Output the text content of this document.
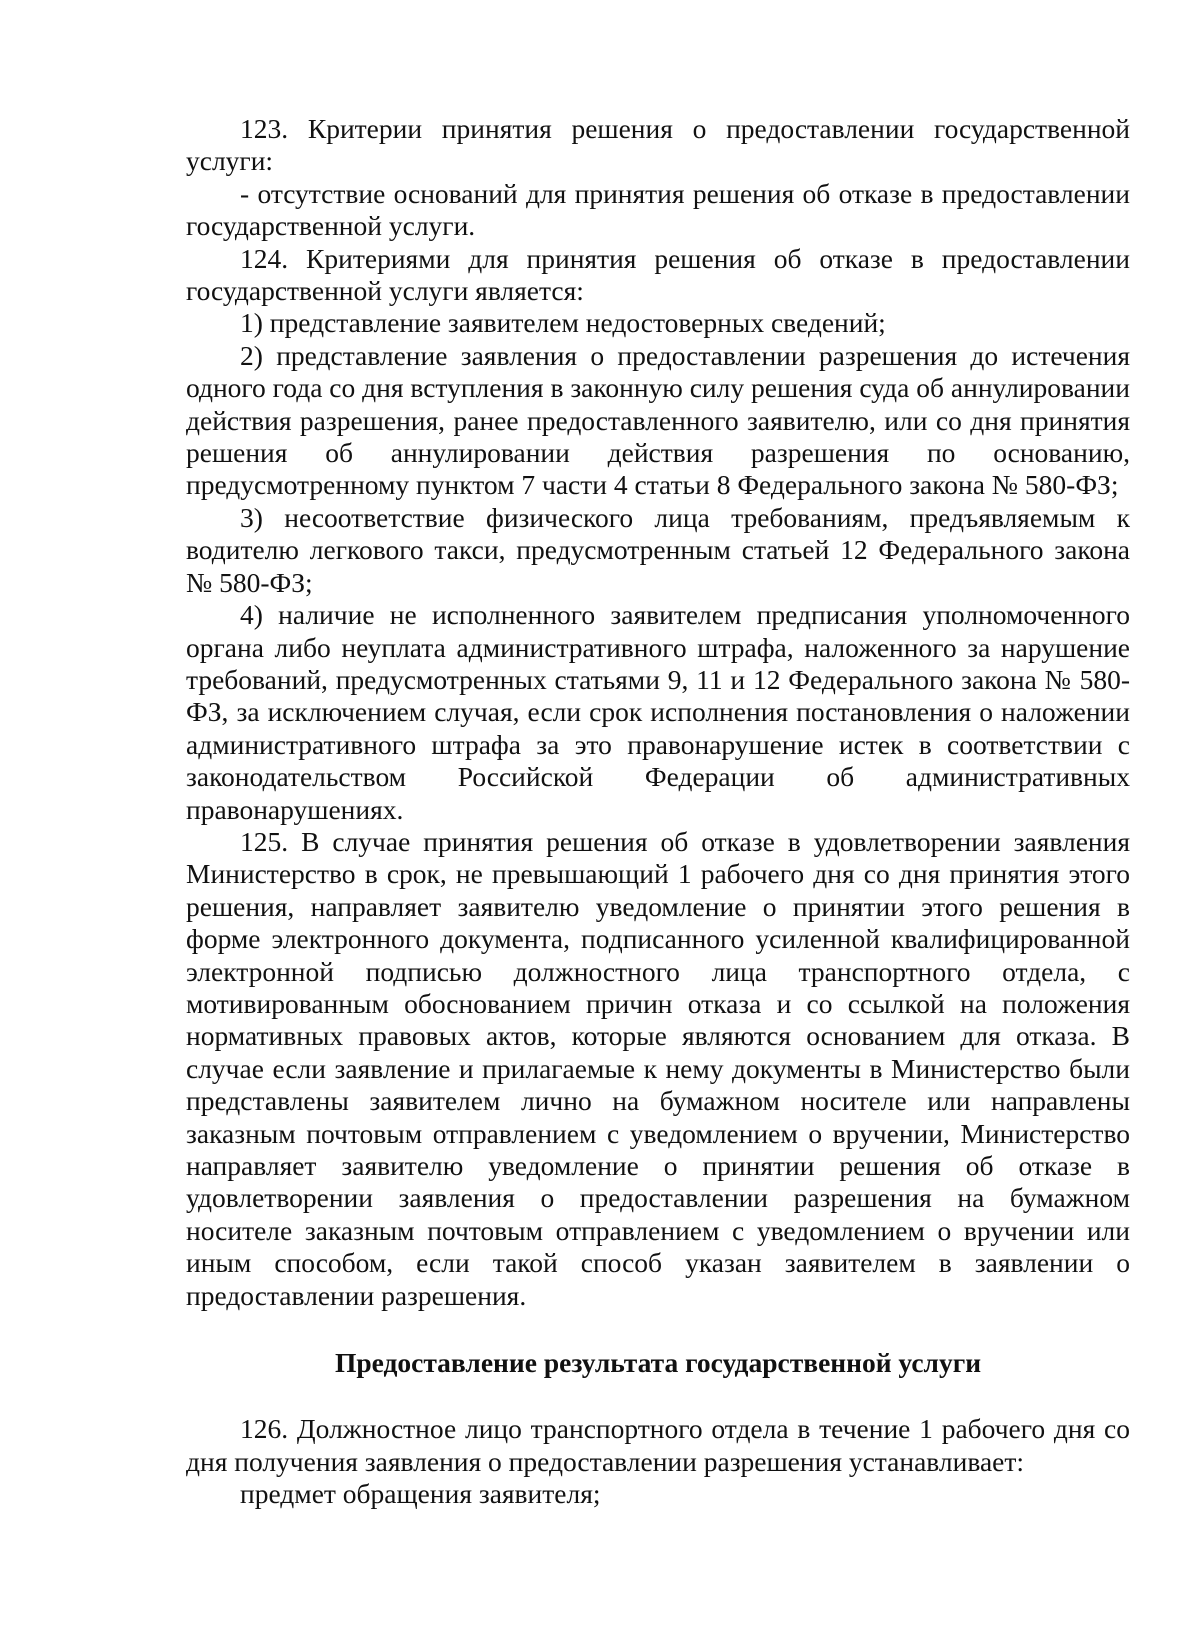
123. Критерии принятия решения о предоставлении государственной услуги:

- отсутствие оснований для принятия решения об отказе в предоставлении государственной услуги.

124. Критериями для принятия решения об отказе в предоставлении государственной услуги является:

1) представление заявителем недостоверных сведений;

2) представление заявления о предоставлении разрешения до истечения одного года со дня вступления в законную силу решения суда об аннулировании действия разрешения, ранее предоставленного заявителю, или со дня принятия решения об аннулировании действия разрешения по основанию, предусмотренному пунктом 7 части 4 статьи 8 Федерального закона № 580-ФЗ;

3) несоответствие физического лица требованиям, предъявляемым к водителю легкового такси, предусмотренным статьей 12 Федерального закона № 580-ФЗ;

4) наличие не исполненного заявителем предписания уполномоченного органа либо неуплата административного штрафа, наложенного за нарушение требований, предусмотренных статьями 9, 11 и 12 Федерального закона № 580-ФЗ, за исключением случая, если срок исполнения постановления о наложении административного штрафа за это правонарушение истек в соответствии с законодательством Российской Федерации об административных правонарушениях.

125. В случае принятия решения об отказе в удовлетворении заявления Министерство в срок, не превышающий 1 рабочего дня со дня принятия этого решения, направляет заявителю уведомление о принятии этого решения в форме электронного документа, подписанного усиленной квалифицированной электронной подписью должностного лица транспортного отдела, с мотивированным обоснованием причин отказа и со ссылкой на положения нормативных правовых актов, которые являются основанием для отказа. В случае если заявление и прилагаемые к нему документы в Министерство были представлены заявителем лично на бумажном носителе или направлены заказным почтовым отправлением с уведомлением о вручении, Министерство направляет заявителю уведомление о принятии решения об отказе в удовлетворении заявления о предоставлении разрешения на бумажном носителе заказным почтовым отправлением с уведомлением о вручении или иным способом, если такой способ указан заявителем в заявлении о предоставлении разрешения.

Предоставление результата государственной услуги

126. Должностное лицо транспортного отдела в течение 1 рабочего дня со дня получения заявления о предоставлении разрешения устанавливает:

предмет обращения заявителя;
